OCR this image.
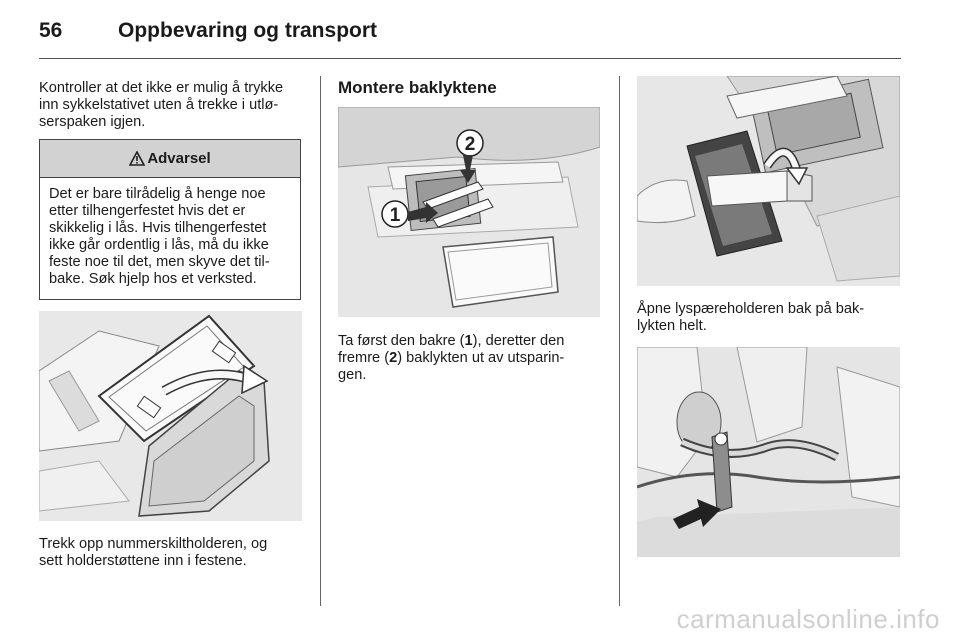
56	Oppbevaring og transport
Kontroller at det ikke er mulig å trykke
inn sykkelstativet uten å trekke i utlø-
serspaken igjen.
Advarsel
Det er bare tilrådelig å henge noe
etter tilhengerfestet hvis det er
skikkelig i lås. Hvis tilhengerfestet
ikke går ordentlig i lås, må du ikke
feste noe til det, men skyve det til-
bake. Søk hjelp hos et verksted.
Trekk opp nummerskiltholderen, og
sett holderstøttene inn i festene.
Montere baklyktene
1
2
Ta først den bakre (1), deretter den
fremre (2) baklykten ut av utsparin-
gen.
Åpne lyspæreholderen bak på bak-
lykten helt.
carmanualsonline.info
